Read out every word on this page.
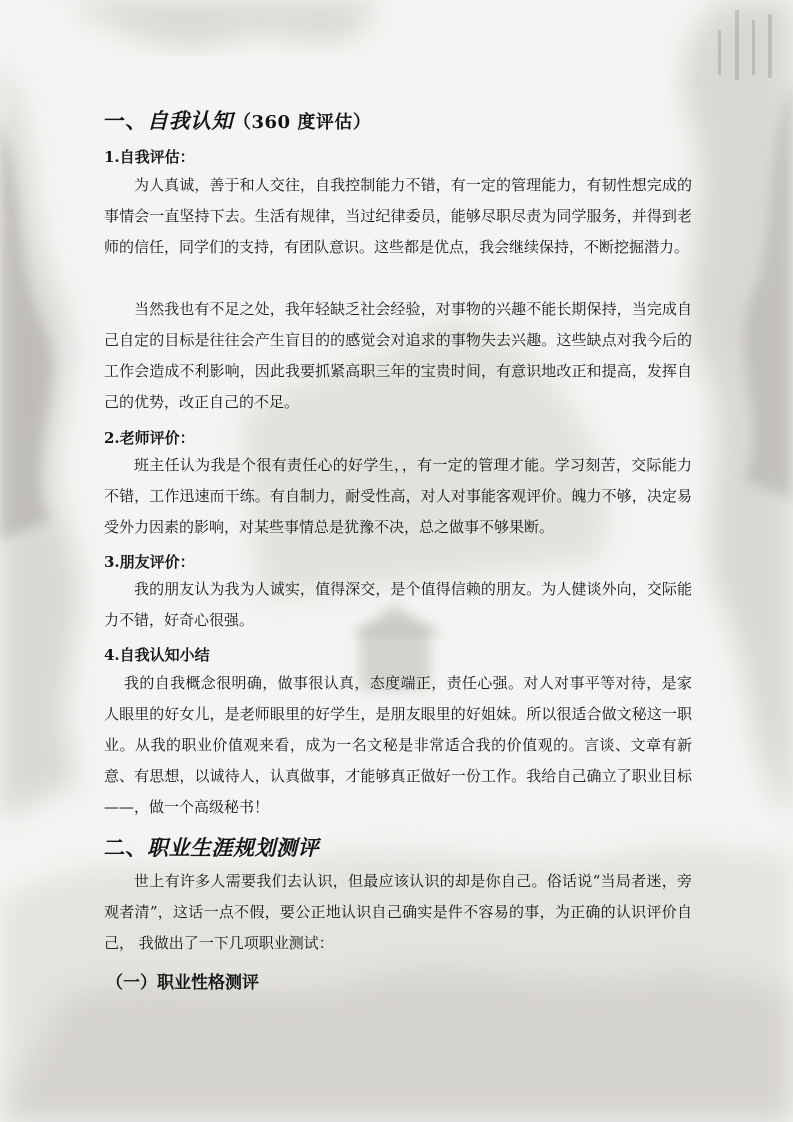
一、自我认知（360 度评估）
1.自我评估：

为人真诚，善于和人交往，自我控制能力不错，有一定的管理能力，有韧性想完成的事情会一直坚持下去。生活有规律，当过纪律委员，能够尽职尽责为同学服务，并得到老师的信任，同学们的支持，有团队意识。这些都是优点，我会继续保持，不断挖掘潜力。

当然我也有不足之处，我年轻缺乏社会经验，对事物的兴趣不能长期保持，当完成自己自定的目标是往往会产生盲目的的感觉会对追求的事物失去兴趣。这些缺点对我今后的工作会造成不利影响，因此我要抓紧高职三年的宝贵时间，有意识地改正和提高，发挥自己的优势，改正自己的不足。

2.老师评价：

班主任认为我是个很有责任心的好学生，，有一定的管理才能。学习刻苦，交际能力不错，工作迅速而干练。有自制力，耐受性高，对人对事能客观评价。魄力不够，决定易受外力因素的影响，对某些事情总是犹豫不决，总之做事不够果断。

3.朋友评价：

我的朋友认为我为人诚实，值得深交，是个值得信赖的朋友。为人健谈外向，交际能力不错，好奇心很强。

4.自我认知小结

我的自我概念很明确，做事很认真，态度端正，责任心强。对人对事平等对待，是家人眼里的好女儿，是老师眼里的好学生，是朋友眼里的好姐妹。所以很适合做文秘这一职业。从我的职业价值观来看，成为一名文秘是非常适合我的价值观的。言谈、文章有新意、有思想，以诚待人，认真做事，才能够真正做好一份工作。我给自己确立了职业目标——，做一个高级秘书！

二、职业生涯规划测评

世上有许多人需要我们去认识，但最应该认识的却是你自己。俗话说“当局者迷，旁观者清”，这话一点不假，要公正地认识自己确实是件不容易的事，为正确的认识评价自己， 我做出了一下几项职业测试：

（一）职业性格测评
